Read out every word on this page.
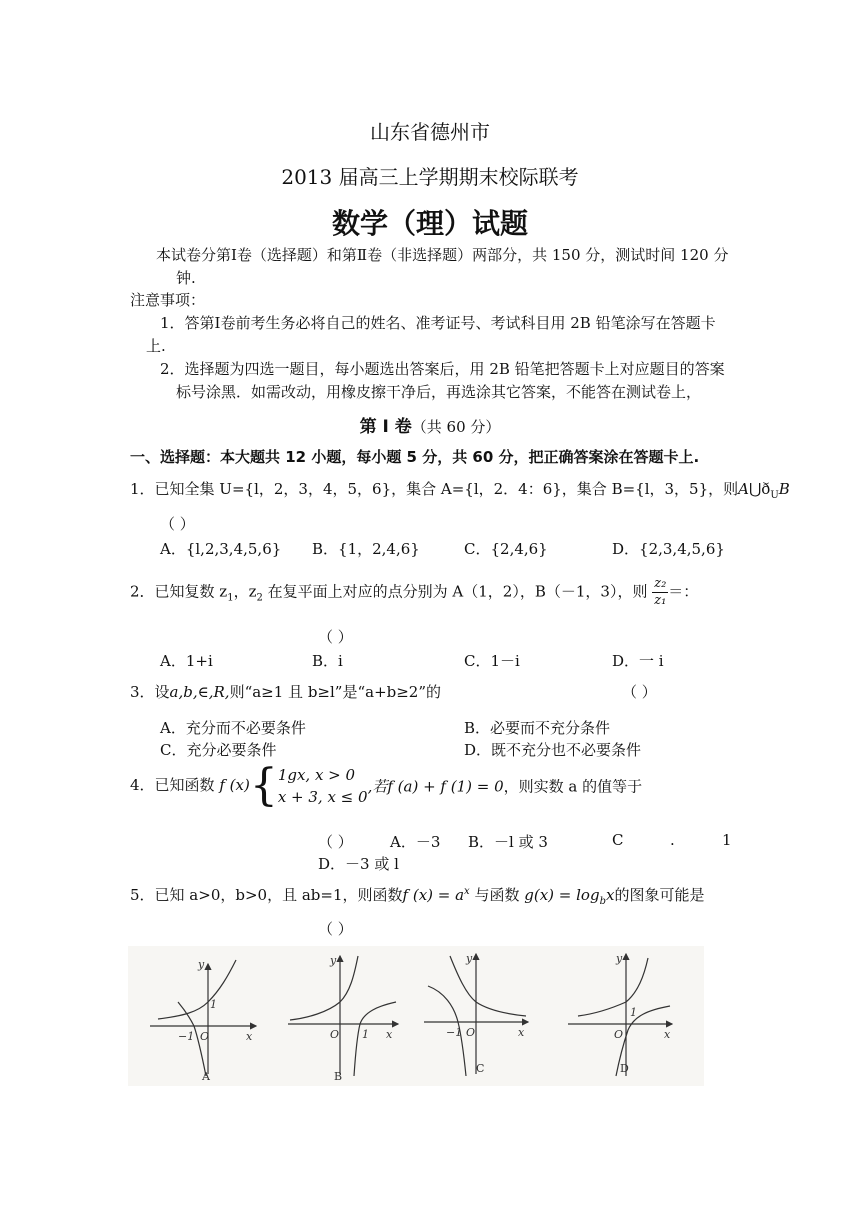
山东省德州市
2013 届高三上学期期末校际联考
数学（理）试题
本试卷分第Ⅰ卷（选择题）和第Ⅱ卷（非选择题）两部分，共 150 分，测试时间 120 分
钟.
注意事项：
1．答第Ⅰ卷前考生务必将自己的姓名、准考证号、考试科目用 2B 铅笔涂写在答题卡
上.
2．选择题为四选一题目，每小题选出答案后，用 2B 铅笔把答题卡上对应题目的答案
标号涂黑．如需改动，用橡皮擦干净后，再选涂其它答案，不能答在测试卷上，
第 Ⅰ 卷（共 60 分）
一、选择题：本大题共 12 小题，每小题 5 分，共 60 分，把正确答案涂在答题卡上.
1．已知全集 U={l，2，3，4，5，6}，集合 A={l，2．4：6}，集合 B={l，3，5}，则$A⋃ð_UB$
（ ）
A．{l,2,3,4,5,6} B．{1，2,4,6}	C．{2,4,6}	D．{2,3,4,5,6}
2．已知复数 $z_1$，$z_2$ 在复平面上对应的点分别为 A（1，2），B（－1，3），则 $\frac{\text{z₂}}{\text{z₁}}$ ＝：
（ ）
A．1+i	B．i	C．1－i	D．一 i
3．设a,b,∈,R,则“a≥1 且 b≥l”是“a+b≥2”的	（ ）
A．充分而不必要条件	B．必要而不充分条件
C．充分必要条件	D．既不充分也不必要条件
4．已知函数 f (x){ 1gx, x > 0
x + 3, x ≤ 0
,若f (a) + f (1) = 0，则实数 a 的值等于
（ ） A．－3 B．－l 或 3	C	.	1
D．－3 或 l
5．已知 a>0，b>0，且 ab=1，则函数f $(x) = a^x$ 与函数 $g(x) = \log_bx$的图象可能是
（ ）
y
x
O
1
−1
A
y
x
O 1
B
y
x
O
−1
C
y
x
O
1
D
